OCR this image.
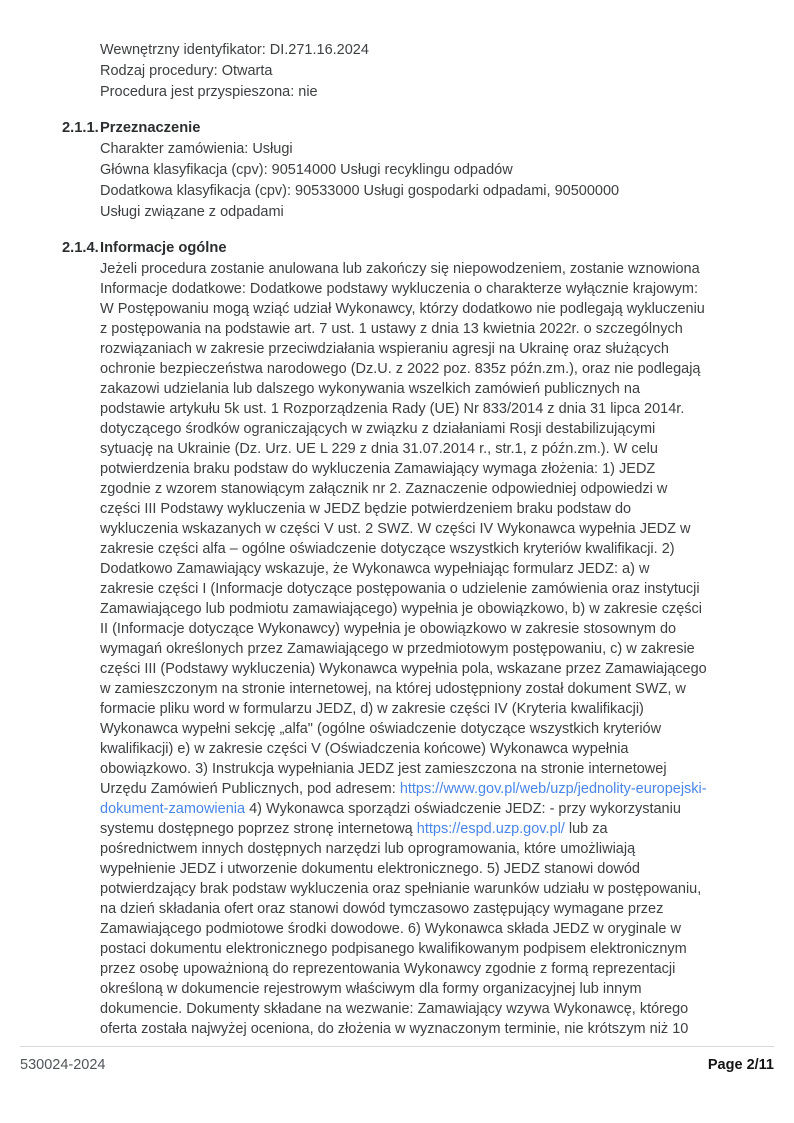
Wewnętrzny identyfikator: DI.271.16.2024
Rodzaj procedury: Otwarta
Procedura jest przyspieszona: nie
2.1.1. Przeznaczenie
Charakter zamówienia: Usługi
Główna klasyfikacja (cpv): 90514000 Usługi recyklingu odpadów
Dodatkowa klasyfikacja (cpv): 90533000 Usługi gospodarki odpadami, 90500000
Usługi związane z odpadami
2.1.4. Informacje ogólne
Jeżeli procedura zostanie anulowana lub zakończy się niepowodzeniem, zostanie wznowiona
Informacje dodatkowe: Dodatkowe podstawy wykluczenia o charakterze wyłącznie krajowym:
W Postępowaniu mogą wziąć udział Wykonawcy, którzy dodatkowo nie podlegają wykluczeniu
z postępowania na podstawie art. 7 ust. 1 ustawy z dnia 13 kwietnia 2022r. o szczególnych
rozwiązaniach w zakresie przeciwdziałania wspieraniu agresji na Ukrainę oraz służących
ochronie bezpieczeństwa narodowego (Dz.U. z 2022 poz. 835z późn.zm.), oraz nie podlegają
zakazowi udzielania lub dalszego wykonywania wszelkich zamówień publicznych na
podstawie artykułu 5k ust. 1 Rozporządzenia Rady (UE) Nr 833/2014 z dnia 31 lipca 2014r.
dotyczącego środków ograniczających w związku z działaniami Rosji destabilizującymi
sytuację na Ukrainie (Dz. Urz. UE L 229 z dnia 31.07.2014 r., str.1, z późn.zm.). W celu
potwierdzenia braku podstaw do wykluczenia Zamawiający wymaga złożenia: 1) JEDZ
zgodnie z wzorem stanowiącym załącznik nr 2. Zaznaczenie odpowiedniej odpowiedzi w
części III Podstawy wykluczenia w JEDZ będzie potwierdzeniem braku podstaw do
wykluczenia wskazanych w części V ust. 2 SWZ. W części IV Wykonawca wypełnia JEDZ w
zakresie części alfa – ogólne oświadczenie dotyczące wszystkich kryteriów kwalifikacji. 2)
Dodatkowo Zamawiający wskazuje, że Wykonawca wypełniając formularz JEDZ: a) w
zakresie części I (Informacje dotyczące postępowania o udzielenie zamówienia oraz instytucji
Zamawiającego lub podmiotu zamawiającego) wypełnia je obowiązkowo, b) w zakresie części
II (Informacje dotyczące Wykonawcy) wypełnia je obowiązkowo w zakresie stosownym do
wymagań określonych przez Zamawiającego w przedmiotowym postępowaniu, c) w zakresie
części III (Podstawy wykluczenia) Wykonawca wypełnia pola, wskazane przez Zamawiającego
w zamieszczonym na stronie internetowej, na której udostępniony został dokument SWZ, w
formacie pliku word w formularzu JEDZ, d) w zakresie części IV (Kryteria kwalifikacji)
Wykonawca wypełni sekcję „alfa" (ogólne oświadczenie dotyczące wszystkich kryteriów
kwalifikacji) e) w zakresie części V (Oświadczenia końcowe) Wykonawca wypełnia
obowiązkowo. 3) Instrukcja wypełniania JEDZ jest zamieszczona na stronie internetowej
Urzędu Zamówień Publicznych, pod adresem: https://www.gov.pl/web/uzp/jednolity-europejski-
dokument-zamowienia 4) Wykonawca sporządzi oświadczenie JEDZ: - przy wykorzystaniu
systemu dostępnego poprzez stronę internetową https://espd.uzp.gov.pl/ lub za
pośrednictwem innych dostępnych narzędzi lub oprogramowania, które umożliwiają
wypełnienie JEDZ i utworzenie dokumentu elektronicznego. 5) JEDZ stanowi dowód
potwierdzający brak podstaw wykluczenia oraz spełnianie warunków udziału w postępowaniu,
na dzień składania ofert oraz stanowi dowód tymczasowo zastępujący wymagane przez
Zamawiającego podmiotowe środki dowodowe. 6) Wykonawca składa JEDZ w oryginale w
postaci dokumentu elektronicznego podpisanego kwalifikowanym podpisem elektronicznym
przez osobę upoważnioną do reprezentowania Wykonawcy zgodnie z formą reprezentacji
określoną w dokumencie rejestrowym właściwym dla formy organizacyjnej lub innym
dokumencie. Dokumenty składane na wezwanie: Zamawiający wzywa Wykonawcę, którego
oferta została najwyżej oceniona, do złożenia w wyznaczonym terminie, nie krótszym niż 10
530024-2024	Page 2/11
